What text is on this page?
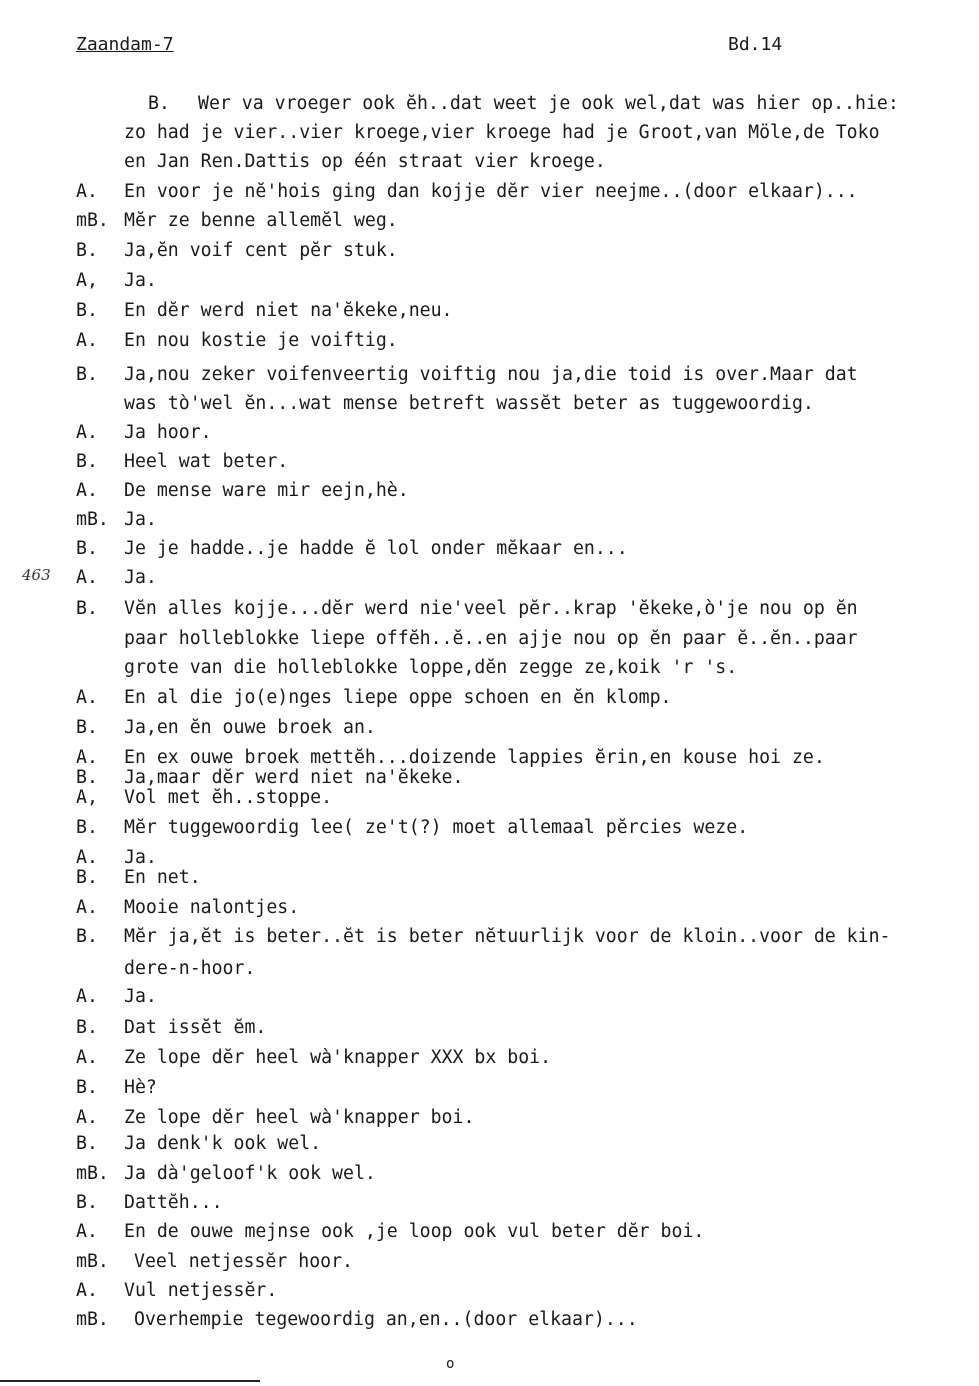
Zaandam-7	Bd.14
463
B. Wer va vroeger ook ĕh..dat weet je ook wel,dat was hier op..hie:
zo had je vier..vier kroege,vier kroege had je Groot,van Möle,de Toko
en Jan Ren.Dattis op één straat vier kroege.
A. En voor je nĕ'hois ging dan kojje dĕr vier neejme..(door elkaar)...
mB. Mĕr ze benne allemĕl weg.
B. Ja,ĕn voif cent pĕr stuk.
A, Ja.
B. En dĕr werd niet na'ĕkeke,neu.
A. En nou kostie je voiftig.
B. Ja,nou zeker voifenveertig voiftig nou ja,die toid is over.Maar dat
was tò'wel ĕn...wat mense betreft wassĕt beter as tuggewoordig.
A. Ja hoor.
B. Heel wat beter.
A. De mense ware mir eejn,hè.
mB. Ja.
B. Je je hadde..je hadde ĕ lol onder mĕkaar en...
A. Ja.
B. Vĕn alles kojje...dĕr werd nie'veel pĕr..krap 'ĕkeke,ò'je nou op ĕn
paar holleblokke liepe offĕh..ĕ..en ajje nou op ĕn paar ĕ..ĕn..paar
grote van die holleblokke loppe,dĕn zegge ze,koik 'r 's.
A. En al die jo(e)nges liepe oppe schoen en ĕn klomp.
B. Ja,en ĕn ouwe broek an.
A. En ex ouwe broek mettĕh...doizende lappies ĕrin,en kouse hoi ze.
B. Ja,maar dĕr werd niet na'ĕkeke.
A, Vol met ĕh..stoppe.
B. Mĕr tuggewoordig lee( ze't(?) moet allemaal pĕrcies weze.
A. Ja.
B. En net.
A. Mooie nalontjes.
B. Mĕr ja,ĕt is beter..ĕt is beter nĕtuurlijk voor de kloin..voor de kin-
dere-n-hoor.
A. Ja.
B. Dat issĕt ĕm.
A. Ze lope dĕr heel wà'knapper XXX bx boi.
B. Hè?
A. Ze lope dĕr heel wà'knapper boi.
B. Ja denk'k ook wel.
mB. Ja dà'geloof'k ook wel.
B. Dattĕh...
A. En de ouwe mejnse ook ,je loop ook vul beter dĕr boi.
mB. Veel netjessĕr hoor.
A. Vul netjessĕr.
mB. Overhempie tegewoordig an,en..(door elkaar)...
o
